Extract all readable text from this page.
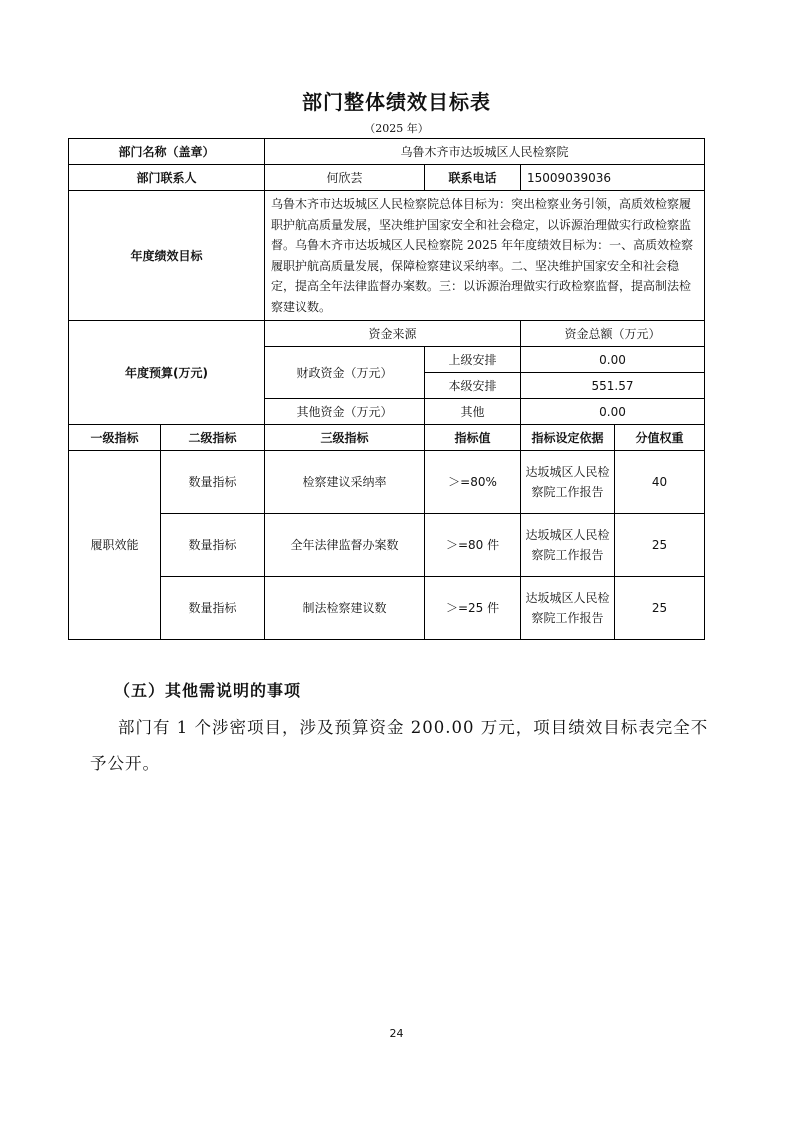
部门整体绩效目标表
（2025 年）
部门名称（盖章）		乌鲁木齐市达坂城区人民检察院			
部门联系人		何欣芸	联系电话	15009039036	
年度绩效目标		乌鲁木齐市达坂城区人民检察院总体目标为：突出检察业务引领，高质效检察履职护航高质量发展，坚决维护国家安全和社会稳定，以诉源治理做实行政检察监督。乌鲁木齐市达坂城区人民检察院 2025 年年度绩效目标为：一、高质效检察履职护航高质量发展，保障检察建议采纳率。二、坚决维护国家安全和社会稳定，提高全年法律监督办案数。三：以诉源治理做实行政检察监督，提高制法检察建议数。			
年度预算(万元)		资金来源		资金总额（万元）	
		财政资金（万元）	上级安排	0.00	
			本级安排	551.57	
		其他资金（万元）	其他	0.00	
一级指标	二级指标	三级指标	指标值	指标设定依据	分值权重
履职效能	数量指标	检察建议采纳率	＞=80%	达坂城区人民检察院工作报告	40
	数量指标	全年法律监督办案数	＞=80 件	达坂城区人民检察院工作报告	25
	数量指标	制法检察建议数	＞=25 件	达坂城区人民检察院工作报告	25
（五）其他需说明的事项
部门有 1 个涉密项目，涉及预算资金 200.00 万元，项目绩效目标表完全不予公开。
24
